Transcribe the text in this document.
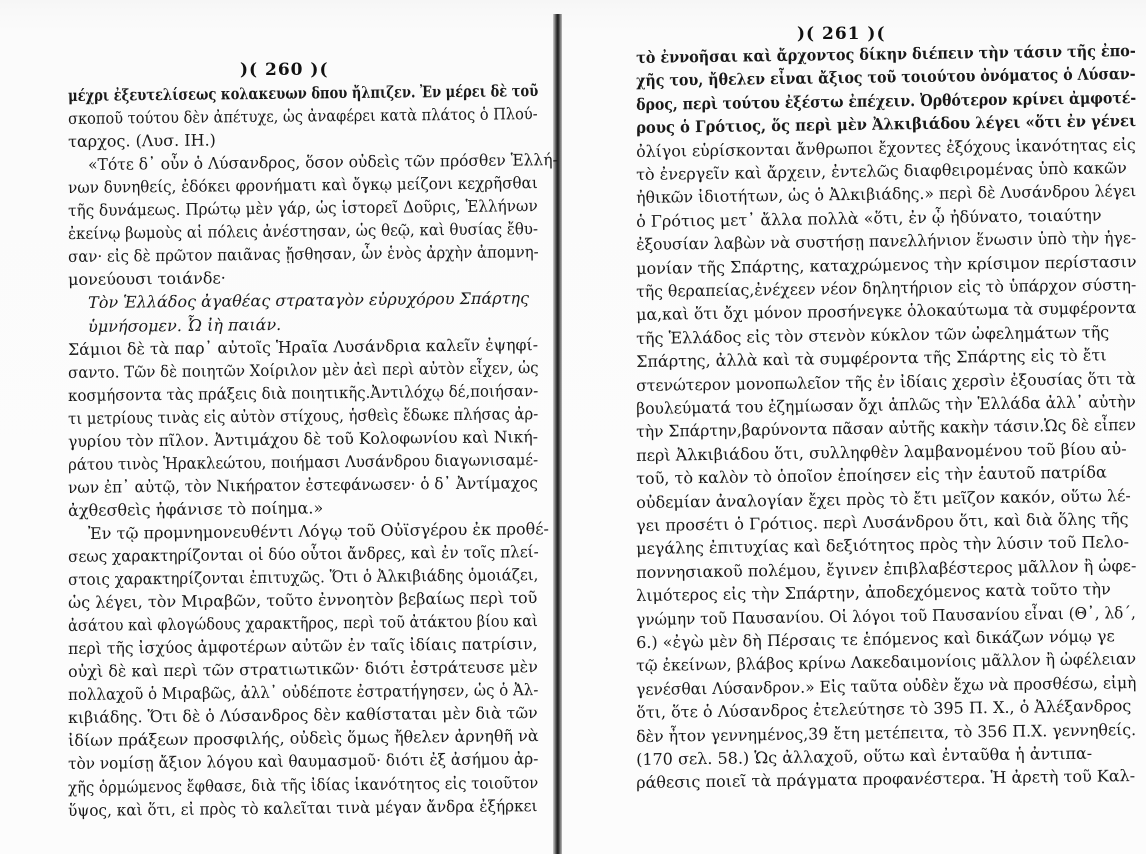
)( 260 )(
μέχρι ἐξευτελίσεως κολακευων δπου ἤλπιζεν. Ἐν μέρει δὲ τοῦ
σκοποῦ τούτου δὲν ἀπέτυχε, ὡς ἀναφέρει κατὰ πλάτος ὁ Πλού-
ταρχος. (Λυσ. ΙΗ.)
«Τότε δ᾽ οὖν ὁ Λύσανδρος, ὅσον οὐδεὶς τῶν πρόσθεν Ἑλλή-
νων δυνηθείς, ἐδόκει φρονήματι καὶ ὄγκῳ μείζονι κεχρῆσθαι
τῆς δυνάμεως. Πρώτῳ μὲν γάρ, ὡς ἱστορεῖ Δοῦρις, Ἑλλήνων
ἐκείνῳ βωμοὺς αἱ πόλεις ἀνέστησαν, ὡς θεῷ, καὶ θυσίας ἔθυ-
σαν· εἰς δὲ πρῶτον παιᾶνας ᾔσθησαν, ὧν ἑνὸς ἀρχὴν ἀπομνη-
μονεύουσι τοιάνδε·
Τὸν Ἑλλάδος ἀγαθέας στραταγὸν εὐρυχόρου Σπάρτης
ὑμνήσομεν. Ὦ ἰὴ παιάν.
Σάμιοι δὲ τὰ παρ᾽ αὐτοῖς Ἡραῖα Λυσάνδρια καλεῖν ἐψηφί-
σαντο. Τῶν δὲ ποιητῶν Χοίριλον μὲν ἀεὶ περὶ αὐτὸν εἶχεν, ὡς
κοσμήσοντα τὰς πράξεις διὰ ποιητικῆς.Ἀντιλόχῳ δέ,ποιήσαν-
τι μετρίους τινὰς εἰς αὐτὸν στίχους, ἡσθεὶς ἔδωκε πλήσας ἀρ-
γυρίου τὸν πῖλον. Ἀντιμάχου δὲ τοῦ Κολοφωνίου καὶ Νική-
ράτου τινὸς Ἡρακλεώτου, ποιήμασι Λυσάνδρου διαγωνισαμέ-
νων ἐπ᾽ αὐτῷ, τὸν Νικήρατον ἐστεφάνωσεν· ὁ δ᾽ Ἀντίμαχος
ἀχθεσθεὶς ἠφάνισε τὸ ποίημα.»
Ἐν τῷ προμνημονευθέντι Λόγῳ τοῦ Οὐϊσγέρου ἐκ προθέ-
σεως χαρακτηρίζονται οἱ δύο οὗτοι ἄνδρες, καὶ ἐν τοῖς πλεί-
στοις χαρακτηρίζονται ἐπιτυχῶς. Ὅτι ὁ Ἀλκιβιάδης ὁμοιάζει,
ὡς λέγει, τὸν Μιραβῶν, τοῦτο ἐννοητὸν βεβαίως περὶ τοῦ
ἀσάτου καὶ φλογώδους χαρακτῆρος, περὶ τοῦ ἀτάκτου βίου καὶ
περὶ τῆς ἰσχύος ἀμφοτέρων αὐτῶν ἐν ταῖς ἰδίαις πατρίσιν,
οὐχὶ δὲ καὶ περὶ τῶν στρατιωτικῶν· διότι ἐστράτευσε μὲν
πολλαχοῦ ὁ Μιραβῶς, ἀλλ᾽ οὐδέποτε ἐστρατήγησεν, ὡς ὁ Ἀλ-
κιβιάδης. Ὅτι δὲ ὁ Λύσανδρος δὲν καθίσταται μὲν διὰ τῶν
ἰδίων πράξεων προσφιλής, οὐδεὶς ὅμως ἤθελεν ἀρνηθῆ νὰ
τὸν νομίσῃ ἄξιον λόγου καὶ θαυμασμοῦ· διότι ἐξ ἀσήμου ἀρ-
χῆς ὁρμώμενος ἔφθασε, διὰ τῆς ἰδίας ἱκανότητος εἰς τοιοῦτον
ὕψος, καὶ ὅτι, εἰ πρὸς τὸ καλεῖται τινὰ μέγαν ἄνδρα ἐξήρκει
)( 261 )(
τὸ ἐννοῆσαι καὶ ἄρχοντος δίκην διέπειν τὴν τάσιν τῆς ἐπο-
χῆς του, ἤθελεν εἶναι ἄξιος τοῦ τοιούτου ὀνόματος ὁ Λύσαν-
δρος, περὶ τούτου ἐξέστω ἐπέχειν. Ὀρθότερον κρίνει ἀμφοτέ-
ρους ὁ Γρότιος, ὅς περὶ μὲν Ἀλκιβιάδου λέγει «ὅτι ἐν γένει
ὀλίγοι εὑρίσκονται ἄνθρωποι ἔχοντες ἐξόχους ἱκανότητας εἰς
τὸ ἐνεργεῖν καὶ ἄρχειν, ἐντελῶς διαφθειρομένας ὑπὸ κακῶν
ἠθικῶν ἰδιοτήτων, ὡς ὁ Ἀλκιβιάδης.» περὶ δὲ Λυσάνδρου λέγει
ὁ Γρότιος μετ᾽ ἄλλα πολλὰ «ὅτι, ἐν ᾧ ἠδύνατο, τοιαύτην
ἐξουσίαν λαβὼν νὰ συστήσῃ πανελλήνιον ἕνωσιν ὑπὸ τὴν ἡγε-
μονίαν τῆς Σπάρτης, καταχρώμενος τὴν κρίσιμον περίστασιν
τῆς θεραπείας,ἐνέχεεν νέον δηλητήριον εἰς τὸ ὑπάρχον σύστη-
μα,καὶ ὅτι ὄχι μόνον προσήνεγκε ὁλοκαύτωμα τὰ συμφέροντα
τῆς Ἑλλάδος εἰς τὸν στενὸν κύκλον τῶν ὠφελημάτων τῆς
Σπάρτης, ἀλλὰ καὶ τὰ συμφέροντα τῆς Σπάρτης εἰς τὸ ἔτι
στενώτερον μονοπωλεῖον τῆς ἐν ἰδίαις χερσὶν ἐξουσίας ὅτι τὰ
βουλεύματά του ἐζημίωσαν ὄχι ἁπλῶς τὴν Ἑλλάδα ἀλλ᾽ αὐτὴν
τὴν Σπάρτην,βαρύνοντα πᾶσαν αὐτῆς κακὴν τάσιν.Ὡς δὲ εἶπεν
περὶ Ἀλκιβιάδου ὅτι, συλληφθὲν λαμβανομένου τοῦ βίου αὐ-
τοῦ, τὸ καλὸν τὸ ὁποῖον ἐποίησεν εἰς τὴν ἑαυτοῦ πατρίδα
οὐδεμίαν ἀναλογίαν ἔχει πρὸς τὸ ἔτι μεῖζον κακόν, οὕτω λέ-
γει προσέτι ὁ Γρότιος. περὶ Λυσάνδρου ὅτι, καὶ διὰ ὅλης τῆς
μεγάλης ἐπιτυχίας καὶ δεξιότητος πρὸς τὴν λύσιν τοῦ Πελο-
ποννησιακοῦ πολέμου, ἔγινεν ἐπιβλαβέστερος μᾶλλον ἢ ὠφε-
λιμότερος εἰς τὴν Σπάρτην, ἀποδεχόμενος κατὰ τοῦτο τὴν
γνώμην τοῦ Παυσανίου. Οἱ λόγοι τοῦ Παυσανίου εἶναι (Θ᾽, λδ΄,
6.) «ἐγὼ μὲν δὴ Πέρσαις τε ἑπόμενος καὶ δικάζων νόμῳ γε
τῷ ἐκείνων, βλάβος κρίνω Λακεδαιμονίοις μᾶλλον ἢ ὠφέλειαν
γενέσθαι Λύσανδρον.» Εἰς ταῦτα οὐδὲν ἔχω νὰ προσθέσω, εἰμὴ
ὅτι, ὅτε ὁ Λύσανδρος ἐτελεύτησε τὸ 395 Π. Χ., ὁ Ἀλέξανδρος
δὲν ἦτον γεννημένος,39 ἔτη μετέπειτα, τὸ 356 Π.Χ. γεννηθείς.
(170 σελ. 58.) Ὡς ἀλλαχοῦ, οὕτω καὶ ἐνταῦθα ἡ ἀντιπα-
ράθεσις ποιεῖ τὰ πράγματα προφανέστερα. Ἡ ἀρετὴ τοῦ Καλ-
